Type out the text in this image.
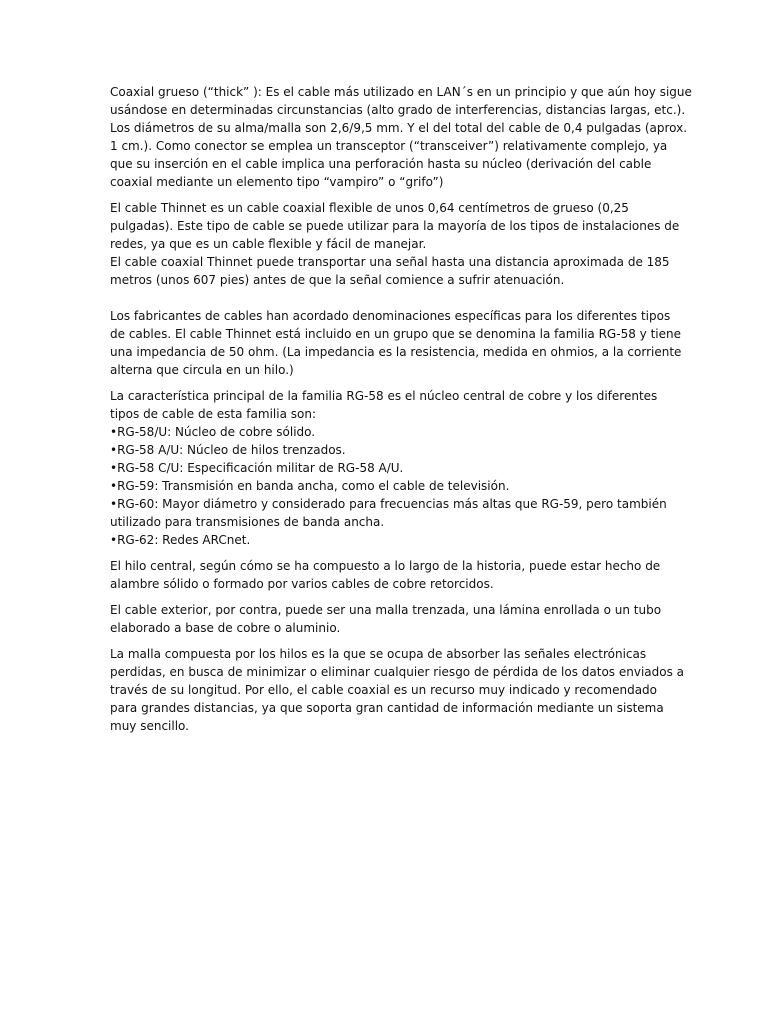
Coaxial grueso (“thick” ): Es el cable más utilizado en LAN´s en un principio y que aún hoy sigue
usándose en determinadas circunstancias (alto grado de interferencias, distancias largas, etc.).
Los diámetros de su alma/malla son 2,6/9,5 mm. Y el del total del cable de 0,4 pulgadas (aprox.
1 cm.). Como conector se emplea un transceptor (“transceiver”) relativamente complejo, ya
que su inserción en el cable implica una perforación hasta su núcleo (derivación del cable
coaxial mediante un elemento tipo “vampiro” o “grifo”)

El cable Thinnet es un cable coaxial flexible de unos 0,64 centímetros de grueso (0,25
pulgadas). Este tipo de cable se puede utilizar para la mayoría de los tipos de instalaciones de
redes, ya que es un cable flexible y fácil de manejar.
El cable coaxial Thinnet puede transportar una señal hasta una distancia aproximada de 185
metros (unos 607 pies) antes de que la señal comience a sufrir atenuación.

Los fabricantes de cables han acordado denominaciones específicas para los diferentes tipos
de cables. El cable Thinnet está incluido en un grupo que se denomina la familia RG-58 y tiene
una impedancia de 50 ohm. (La impedancia es la resistencia, medida en ohmios, a la corriente
alterna que circula en un hilo.)

La característica principal de la familia RG-58 es el núcleo central de cobre y los diferentes
tipos de cable de esta familia son:
•RG-58/U: Núcleo de cobre sólido.
•RG-58 A/U: Núcleo de hilos trenzados.
•RG-58 C/U: Especificación militar de RG-58 A/U.
•RG-59: Transmisión en banda ancha, como el cable de televisión.
•RG-60: Mayor diámetro y considerado para frecuencias más altas que RG-59, pero también
utilizado para transmisiones de banda ancha.
•RG-62: Redes ARCnet.

El hilo central, según cómo se ha compuesto a lo largo de la historia, puede estar hecho de
alambre sólido o formado por varios cables de cobre retorcidos.

El cable exterior, por contra, puede ser una malla trenzada, una lámina enrollada o un tubo
elaborado a base de cobre o aluminio.

La malla compuesta por los hilos es la que se ocupa de absorber las señales electrónicas
perdidas, en busca de minimizar o eliminar cualquier riesgo de pérdida de los datos enviados a
través de su longitud. Por ello, el cable coaxial es un recurso muy indicado y recomendado
para grandes distancias, ya que soporta gran cantidad de información mediante un sistema
muy sencillo.
